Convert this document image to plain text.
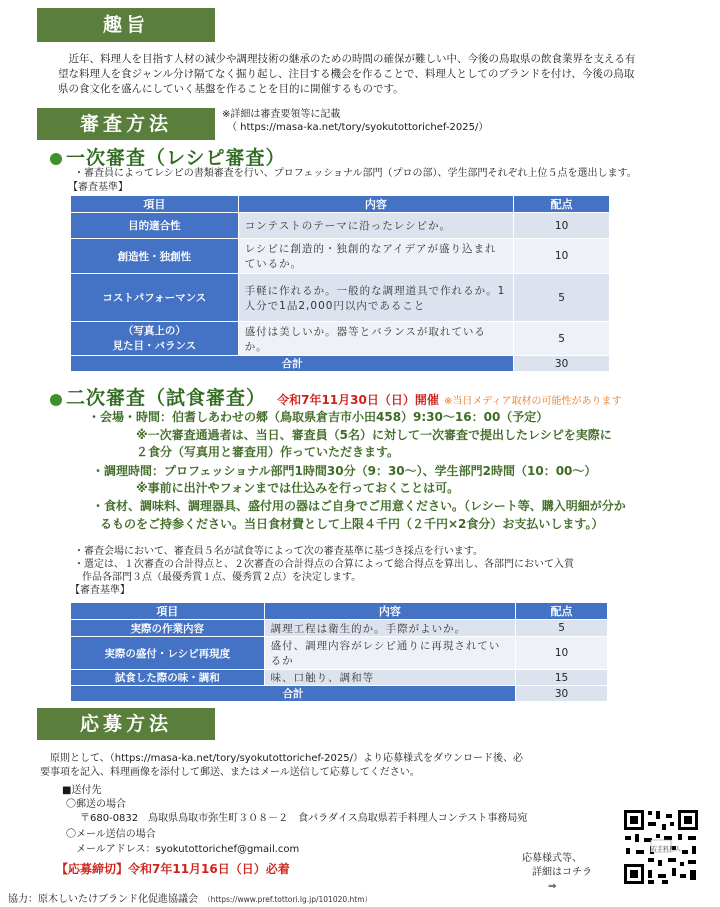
趣旨
　近年、料理人を目指す人材の減少や調理技術の継承のための時間の確保が難しい中、今後の鳥取県の飲食業界を支える有望な料理人を食ジャンル分け隔てなく掘り起し、注目する機会を作ることで、料理人としてのブランドを付け、今後の鳥取県の食文化を盛んにしていく基盤を作ることを目的に開催するものです。
審査方法	※詳細は審査要領等に記載
（ https://masa-ka.net/tory/syokutottorichef-2025/）
一次審査（レシピ審査）
・審査員によってレシピの書類審査を行い、プロフェッショナル部門（プロの部）、学生部門それぞれ上位５点を選出します。
【審査基準】
項目	内容	配点
目的適合性	コンテストのテーマに沿ったレシピか。	10
創造性・独創性	レシピに創造的・独創的なアイデアが盛り込まれているか。	10
コストパフォーマンス	手軽に作れるか。一般的な調理道具で作れるか。1人分で1品2,000円以内であること	5
（写真上の）
見た目・バランス	盛付は美しいか。器等とバランスが取れているか。	5
合計		30
二次審査（試食審査） 令和7年11月30日（日）開催 ※当日メディア取材の可能性があります
・会場・時間：伯耆しあわせの郷（鳥取県倉吉市小田458）9:30～16：00（予定）
※一次審査通過者は、当日、審査員（5名）に対して一次審査で提出したレシピを実際に
２食分（写真用と審査用）作っていただきます。
・調理時間：プロフェッショナル部門1時間30分（9：30～）、学生部門2時間（10：00～）
※事前に出汁やフォンまでは仕込みを行っておくことは可。
・食材、調味料、調理器具、盛付用の器はご自身でご用意ください。（レシート等、購入明細が分か
るものをご持参ください。当日食材費として上限４千円（２千円×2食分）お支払いします。）
・審査会場において、審査員５名が試食等によって次の審査基準に基づき採点を行います。
・選定は、１次審査の合計得点と、２次審査の合計得点の合算によって総合得点を算出し、各部門において入賞
作品各部門３点（最優秀賞１点、優秀賞２点）を決定します。
【審査基準】
項目	内容	配点
実際の作業内容	調理工程は衛生的か。手際がよいか。	5
実際の盛付・レシピ再現度	盛付、調理内容がレシピ通りに再現されているか	10
試食した際の味・調和	味、口触り、調和等	15
合計		30
応募方法
　原則として、（https://masa-ka.net/tory/syokutottorichef-2025/）より応募様式をダウンロード後、必
要事項を記入、料理画像を添付して郵送、またはメール送信して応募してください。
■送付先
〇郵送の場合
〒680-0832　鳥取県鳥取市弥生町３０８－２　食パラダイス鳥取県若手料理人コンテスト事務局宛
〇メール送信の場合
メールアドレス：syokutottorichef@gmail.com
【応募締切】令和7年11月16日（日）必着
若手料理人
応募様式等、
詳細はコチラ
⇒
協力：原木しいたけブランド化促進協議会 （https://www.pref.tottori.lg.jp/101020.htm）
